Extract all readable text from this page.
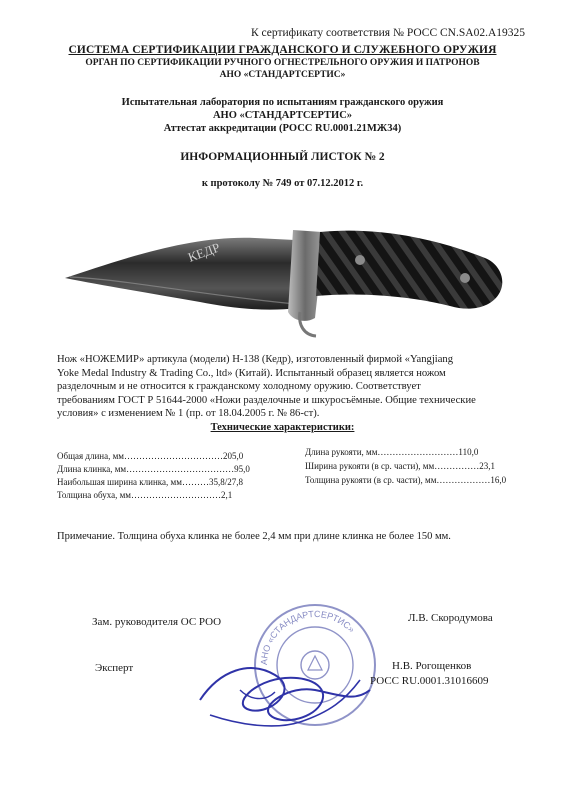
К сертификату соответствия № РОСС CN.SA02.A19325
СИСТЕМА СЕРТИФИКАЦИИ ГРАЖДАНСКОГО И СЛУЖЕБНОГО ОРУЖИЯ
ОРГАН ПО СЕРТИФИКАЦИИ РУЧНОГО ОГНЕСТРЕЛЬНОГО ОРУЖИЯ И ПАТРОНОВ
АНО «СТАНДАРТСЕРТИС»
Испытательная лаборатория по испытаниям гражданского оружия
АНО «СТАНДАРТСЕРТИС»
Аттестат аккредитации (РОСС RU.0001.21МЖ34)
ИНФОРМАЦИОННЫЙ ЛИСТОК № 2
к протоколу № 749 от 07.12.2012 г.
КЕДР

Нож «НОЖЕМИР» артикула (модели) Н-138 (Кедр), изготовленный фирмой «Yangjiang

Yoke Medal Industry & Trading Co., ltd» (Китай). Испытанный образец является ножом

разделочным и не относится к гражданскому холодному оружию. Соответствует

требованиям ГОСТ Р 51644-2000 «Ножи разделочные и шкуросъёмные. Общие технические

условия» с изменением № 1 (пр. от 18.04.2005 г. № 86-ст).

Технические характеристики:
Общая длина, мм……………………………205,0
Длина клинка, мм………………………………95,0
Наибольшая ширина клинка, мм………35,8/27,8
Толщина обуха, мм…………………………2,1
Длина рукояти, мм………………………110,0
Ширина рукояти (в ср. части), мм……………23,1
Толщина рукояти (в ср. части), мм………………16,0
Примечание. Толщина обуха клинка не более 2,4 мм при длине клинка не более 150 мм.
АНО «СТАНДАРТСЕРТИС»
Зам. руководителя ОС РОО	Л.В. Скородумова
Эксперт	Н.В. Рогощенков
РОСС RU.0001.31016609
